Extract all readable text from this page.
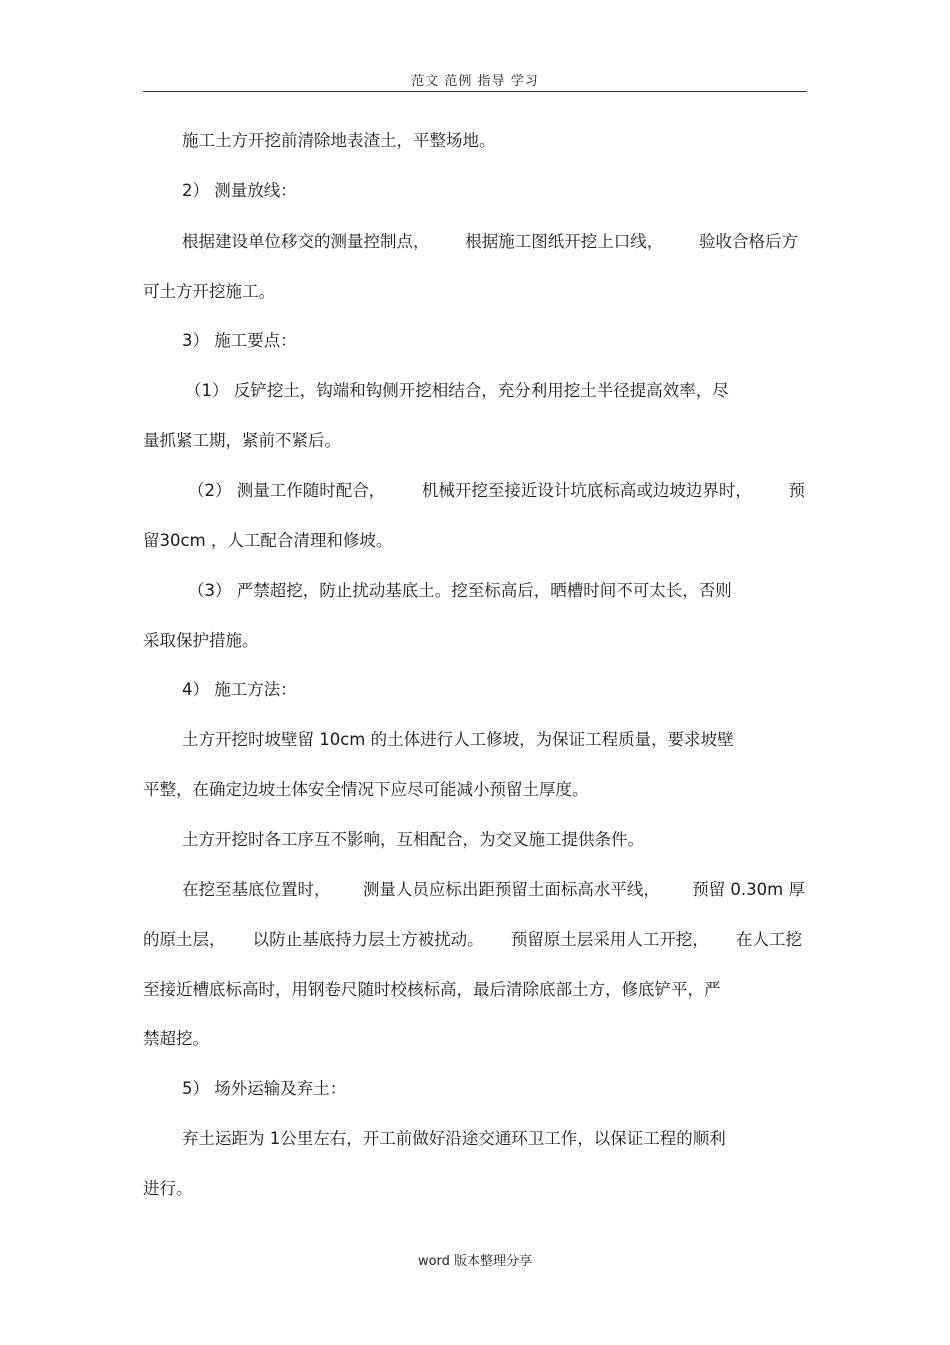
范文 范例 指导 学习
施工土方开挖前清除地表渣土，平整场地。
2） 测量放线：
根据建设单位移交的测量控制点， 根据施工图纸开挖上口线， 验收合格后方
可土方开挖施工。
3） 施工要点：
（1） 反铲挖土，钩端和钩侧开挖相结合，充分利用挖土半径提高效率，尽
量抓紧工期，紧前不紧后。
（2） 测量工作随时配合， 机械开挖至接近设计坑底标高或边坡边界时， 预
留30cm ，人工配合清理和修坡。
（3） 严禁超挖，防止扰动基底土。挖至标高后，晒槽时间不可太长，否则
采取保护措施。
4） 施工方法：
土方开挖时坡壁留 10cm 的土体进行人工修坡，为保证工程质量，要求坡壁
平整，在确定边坡土体安全情况下应尽可能减小预留土厚度。
土方开挖时各工序互不影响，互相配合，为交叉施工提供条件。
在挖至基底位置时， 测量人员应标出距预留土面标高水平线， 预留 0.30m 厚
的原土层， 以防止基底持力层土方被扰动。 预留原土层采用人工开挖， 在人工挖
至接近槽底标高时，用钢卷尺随时校核标高，最后清除底部土方，修底铲平，严
禁超挖。
5） 场外运输及弃土：
弃土运距为 1公里左右，开工前做好沿途交通环卫工作，以保证工程的顺利
进行。
word 版本整理分享
